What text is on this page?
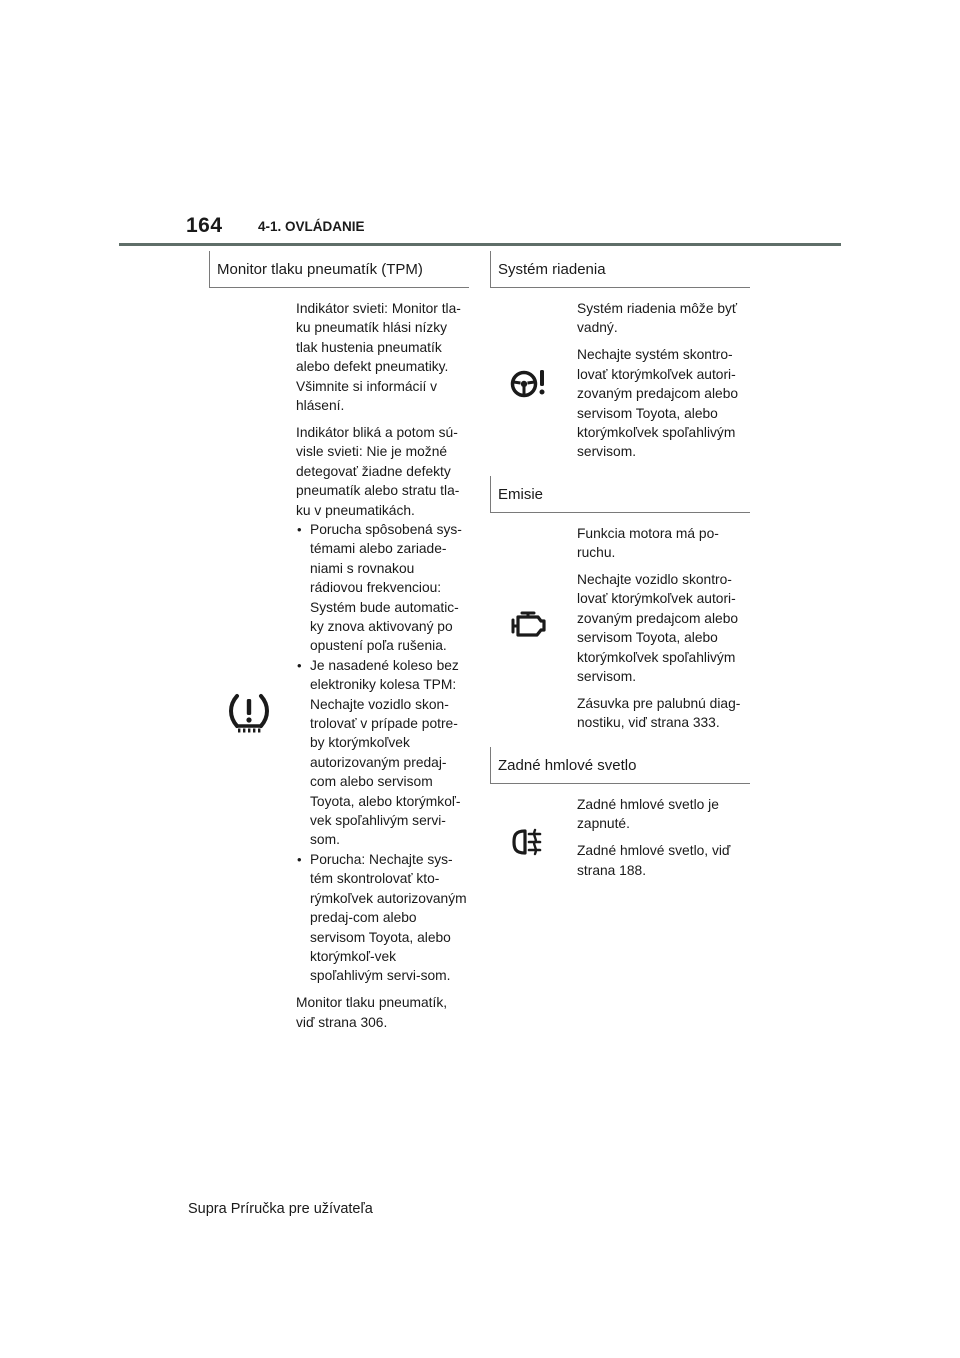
164	4-1. OVLÁDANIE
Monitor tlaku pneumatík (TPM)

Indikátor svieti: Monitor tla-ku pneumatík hlási nízky tlak hustenia pneumatík alebo defekt pneumatiky. Všimnite si informácií v hlásení.

Indikátor bliká a potom sú-visle svieti: Nie je možné detegovať žiadne defekty pneumatík alebo stratu tla-ku v pneumatikách.

• Porucha spôsobená sys-témami alebo zariade-niami s rovnakou rádiovou frekvenciou: Systém bude automatic-ky znova aktivovaný po opustení poľa rušenia.
• Je nasadené koleso bez elektroniky kolesa TPM: Nechajte vozidlo skon-trolovať v prípade potre-by ktorýmkoľvek autorizovaným predaj-com alebo servisom Toyota, alebo ktorýmkoľ-vek spoľahlivým servi-som.
• Porucha: Nechajte sys-tém skontrolovať kto-rýmkoľvek autorizovaným predaj-com alebo servisom Toyota, alebo ktorýmkoľ-vek spoľahlivým servi-som.

Monitor tlaku pneumatík, viď strana 306.

Systém riadenia

Systém riadenia môže byť vadný.

Nechajte systém skontro-lovať ktorýmkoľvek autori-zovaným predajcom alebo servisom Toyota, alebo ktorýmkoľvek spoľahlivým servisom.

Emisie

Funkcia motora má po-ruchu.

Nechajte vozidlo skontro-lovať ktorýmkoľvek autori-zovaným predajcom alebo servisom Toyota, alebo ktorýmkoľvek spoľahlivým servisom.

Zásuvka pre palubnú diag-nostiku, viď strana 333.

Zadné hmlové svetlo

Zadné hmlové svetlo je zapnuté.

Zadné hmlové svetlo, viď strana 188.

Supra Príručka pre užívateľa
